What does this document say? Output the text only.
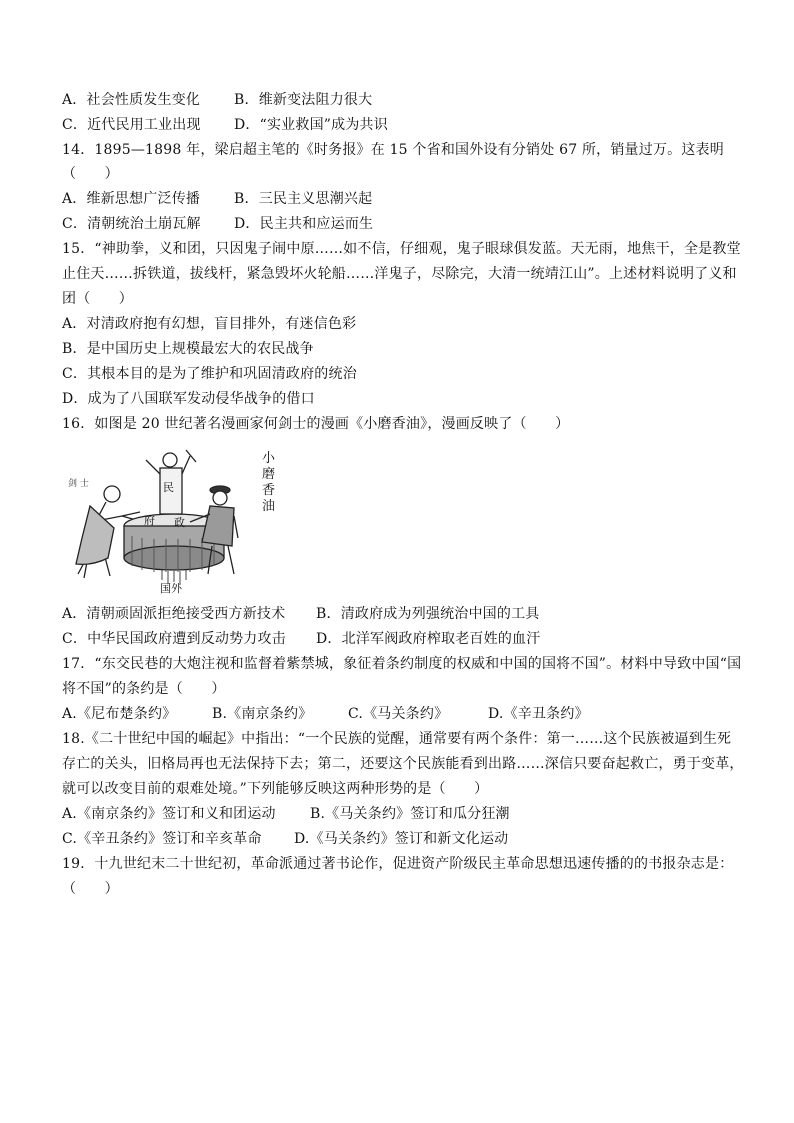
A．社会性质发生变化	B．维新变法阻力很大
C．近代民用工业出现	D．“实业救国”成为共识
14．1895—1898 年，梁启超主笔的《时务报》在 15 个省和国外设有分销处 67 所，销量过万。这表明
（　　）
A．维新思想广泛传播	B．三民主义思潮兴起
C．清朝统治土崩瓦解	D．民主共和应运而生
15．“神助拳，义和团，只因鬼子闹中原……如不信，仔细观，鬼子眼球俱发蓝。天无雨，地焦干，全是教堂
止住天……拆铁道，拔线杆，紧急毁坏火轮船……洋鬼子，尽除完，大清一统靖江山”。上述材料说明了义和
团（　　）
A．对清政府抱有幻想，盲目排外，有迷信色彩
B．是中国历史上规模最宏大的农民战争
C．其根本目的是为了维护和巩固清政府的统治
D．成为了八国联军发动侵华战争的借口
16．如图是 20 世纪著名漫画家何剑士的漫画《小磨香油》，漫画反映了（　　）
剑 士
府 政
民
国外
小
磨
香
油
A．清朝顽固派拒绝接受西方新技术	B．清政府成为列强统治中国的工具
C．中华民国政府遭到反动势力攻击	D．北洋军阀政府榨取老百姓的血汗
17．“东交民巷的大炮注视和监督着紫禁城，象征着条约制度的权威和中国的国将不国”。材料中导致中国“国
将不国”的条约是（　　）
A.《尼布楚条约》	B.《南京条约》	C.《马关条约》	D.《辛丑条约》
18.《二十世纪中国的崛起》中指出：“一个民族的觉醒，通常要有两个条件：第一……这个民族被逼到生死
存亡的关头，旧格局再也无法保持下去；第二，还要这个民族能看到出路……深信只要奋起救亡，勇于变革，
就可以改变目前的艰难处境。”下列能够反映这两种形势的是（　　）
A.《南京条约》签订和义和团运动	B.《马关条约》签订和瓜分狂潮
C.《辛丑条约》签订和辛亥革命	D.《马关条约》签订和新文化运动
19．十九世纪末二十世纪初，革命派通过著书论作，促进资产阶级民主革命思想迅速传播的的书报杂志是：
（　　）
